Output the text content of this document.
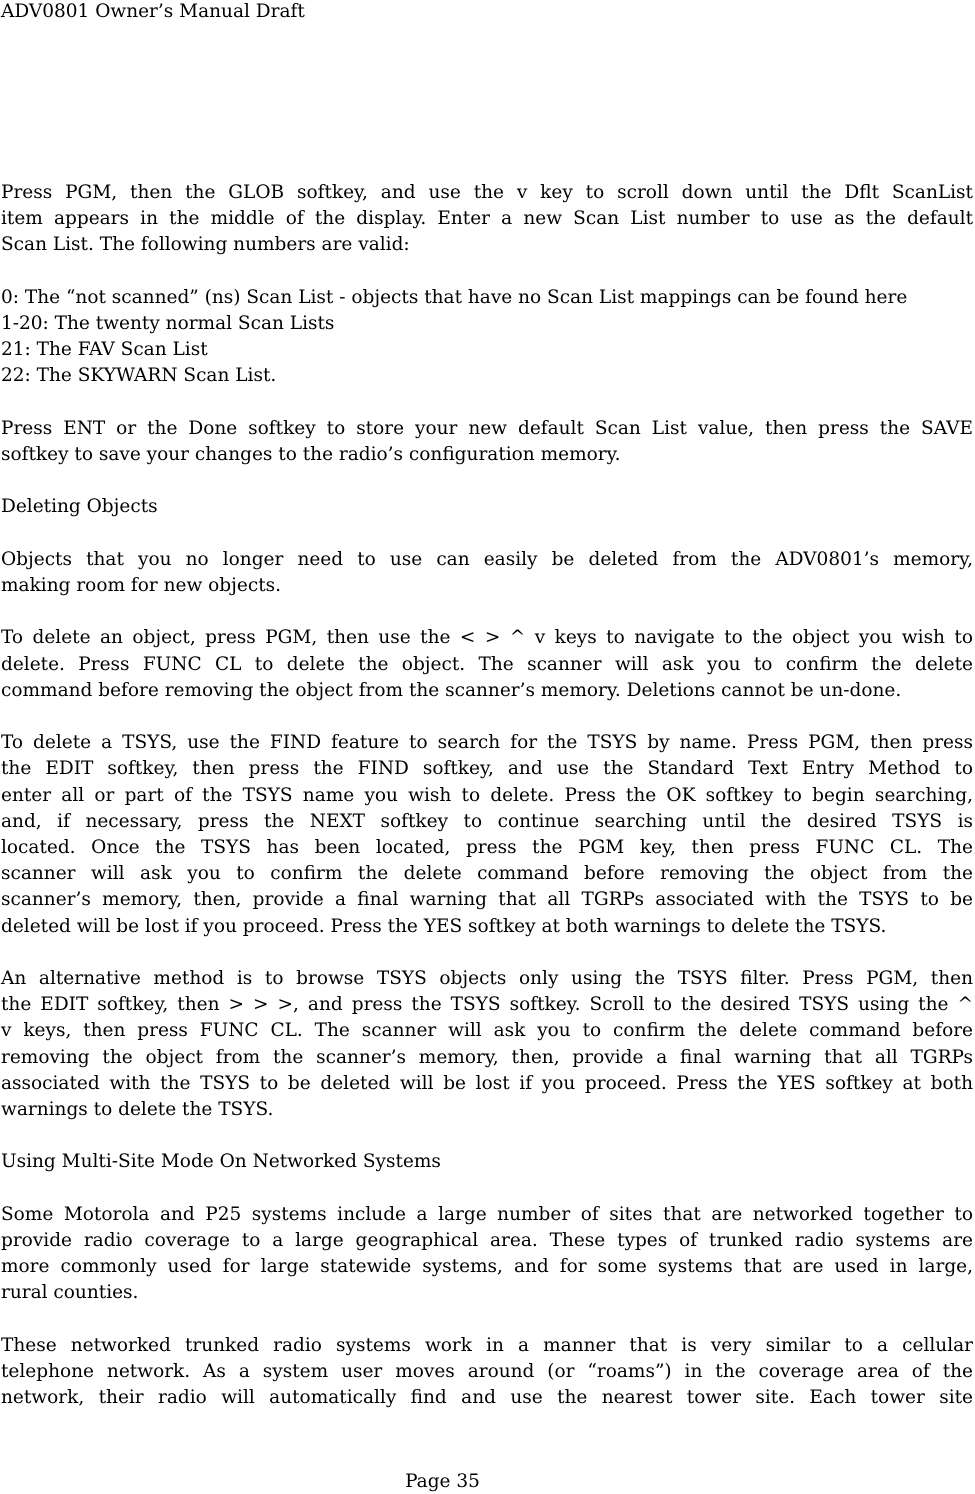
ADV0801 Owner’s Manual Draft
Press PGM, then the GLOB softkey, and use the v key to scroll down until the Dflt ScanList
item appears in the middle of the display. Enter a new Scan List number to use as the default
Scan List. The following numbers are valid:
0: The “not scanned” (ns) Scan List - objects that have no Scan List mappings can be found here
1-20: The twenty normal Scan Lists
21: The FAV Scan List
22: The SKYWARN Scan List.
Press ENT or the Done softkey to store your new default Scan List value, then press the SAVE
softkey to save your changes to the radio’s configuration memory.
Deleting Objects
Objects that you no longer need to use can easily be deleted from the ADV0801’s memory,
making room for new objects.
To delete an object, press PGM, then use the < > ^ v keys to navigate to the object you wish to
delete. Press FUNC CL to delete the object. The scanner will ask you to confirm the delete
command before removing the object from the scanner’s memory. Deletions cannot be un-done.
To delete a TSYS, use the FIND feature to search for the TSYS by name. Press PGM, then press
the EDIT softkey, then press the FIND softkey, and use the Standard Text Entry Method to
enter all or part of the TSYS name you wish to delete. Press the OK softkey to begin searching,
and, if necessary, press the NEXT softkey to continue searching until the desired TSYS is
located. Once the TSYS has been located, press the PGM key, then press FUNC CL. The
scanner will ask you to confirm the delete command before removing the object from the
scanner’s memory, then, provide a final warning that all TGRPs associated with the TSYS to be
deleted will be lost if you proceed. Press the YES softkey at both warnings to delete the TSYS.
An alternative method is to browse TSYS objects only using the TSYS filter. Press PGM, then
the EDIT softkey, then > > >, and press the TSYS softkey. Scroll to the desired TSYS using the ^
v keys, then press FUNC CL. The scanner will ask you to confirm the delete command before
removing the object from the scanner’s memory, then, provide a final warning that all TGRPs
associated with the TSYS to be deleted will be lost if you proceed. Press the YES softkey at both
warnings to delete the TSYS.
Using Multi-Site Mode On Networked Systems
Some Motorola and P25 systems include a large number of sites that are networked together to
provide radio coverage to a large geographical area. These types of trunked radio systems are
more commonly used for large statewide systems, and for some systems that are used in large,
rural counties.
These networked trunked radio systems work in a manner that is very similar to a cellular
telephone network. As a system user moves around (or “roams”) in the coverage area of the
network, their radio will automatically find and use the nearest tower site. Each tower site
Page 35
